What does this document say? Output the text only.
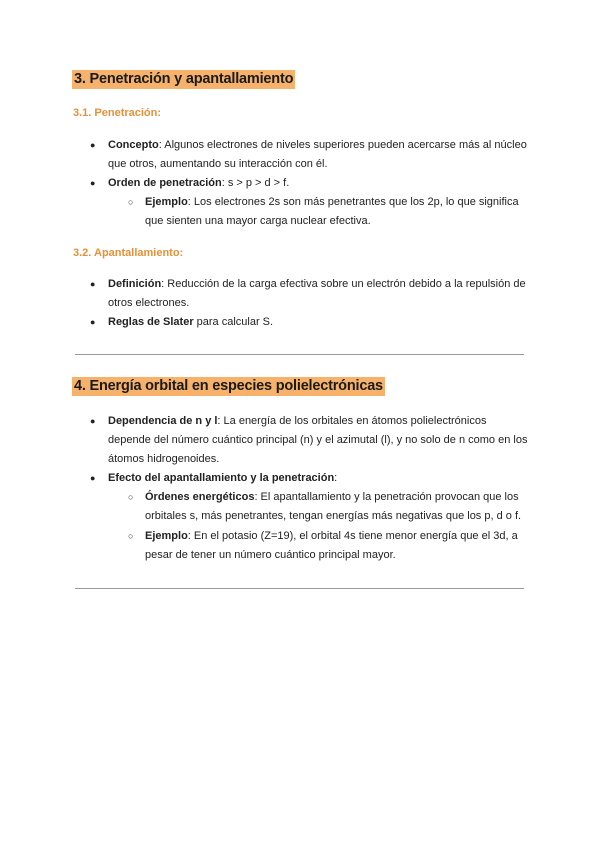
3. Penetración y apantallamiento
3.1. Penetración:
● Concepto: Algunos electrones de niveles superiores pueden acercarse más al núcleo que otros, aumentando su interacción con él.
● Orden de penetración: s > p > d > f.
○ Ejemplo: Los electrones 2s son más penetrantes que los 2p, lo que significa que sienten una mayor carga nuclear efectiva.
3.2. Apantallamiento:
● Definición: Reducción de la carga efectiva sobre un electrón debido a la repulsión de otros electrones.
● Reglas de Slater para calcular S.
4. Energía orbital en especies polielectrónicas
● Dependencia de n y l: La energía de los orbitales en átomos polielectrónicos depende del número cuántico principal (n) y el azimutal (l), y no solo de n como en los átomos hidrogenoides.
● Efecto del apantallamiento y la penetración:
○ Órdenes energéticos: El apantallamiento y la penetración provocan que los orbitales s, más penetrantes, tengan energías más negativas que los p, d o f.
○ Ejemplo: En el potasio (Z=19), el orbital 4s tiene menor energía que el 3d, a pesar de tener un número cuántico principal mayor.
